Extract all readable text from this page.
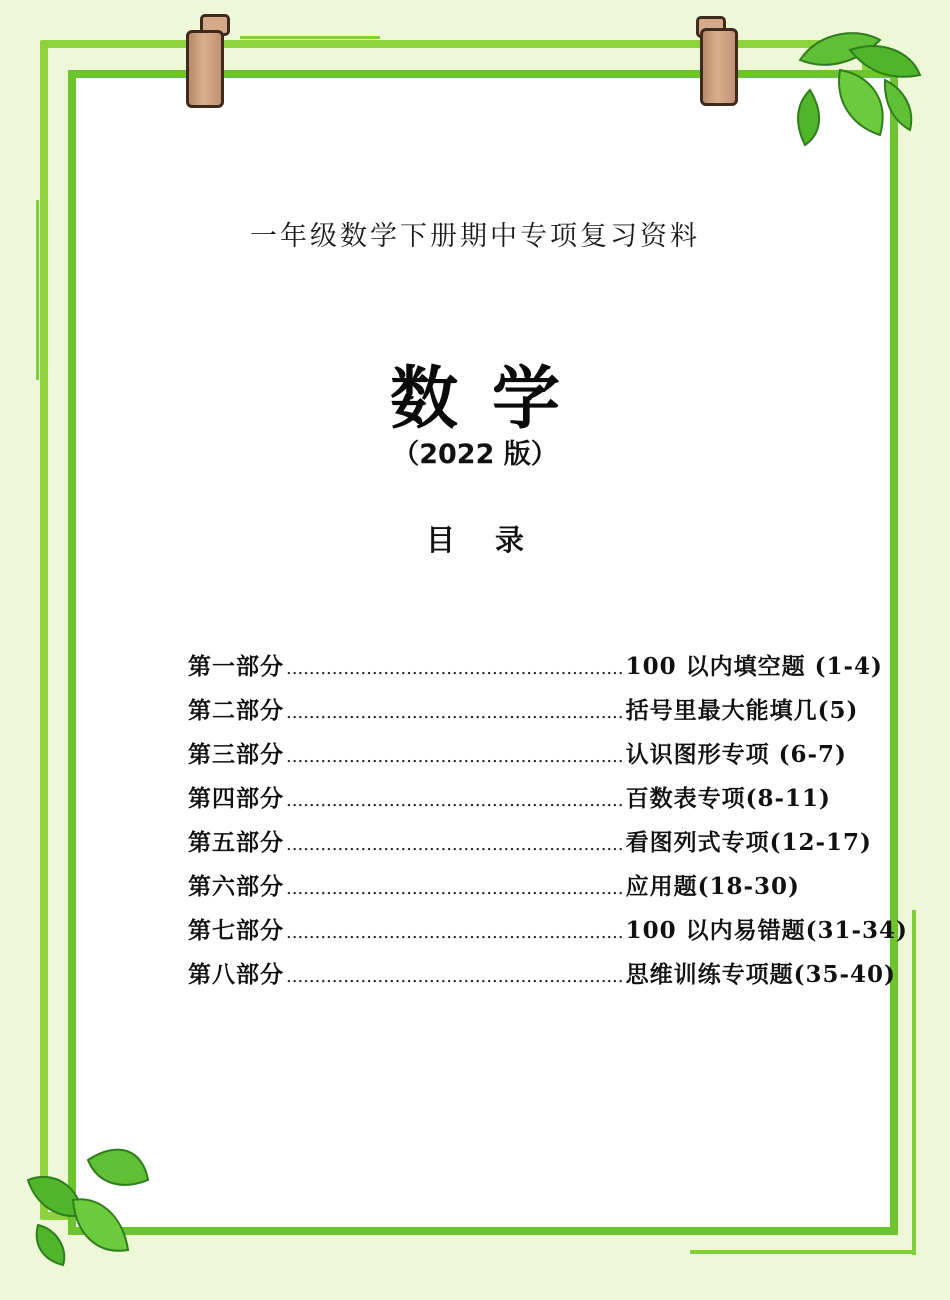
一年级数学下册期中专项复习资料
数学
（2022 版）
目录
第一部分 ........................................................... 100 以内填空题 (1-4)
第二部分 ........................................................... 括号里最大能填几(5)
第三部分 ........................................................... 认识图形专项 (6-7)
第四部分 ........................................................... 百数表专项(8-11)
第五部分 ........................................................... 看图列式专项(12-17)
第六部分 ........................................................... 应用题(18-30)
第七部分 ........................................................... 100 以内易错题(31-34)
第八部分 ........................................................... 思维训练专项题(35-40)
